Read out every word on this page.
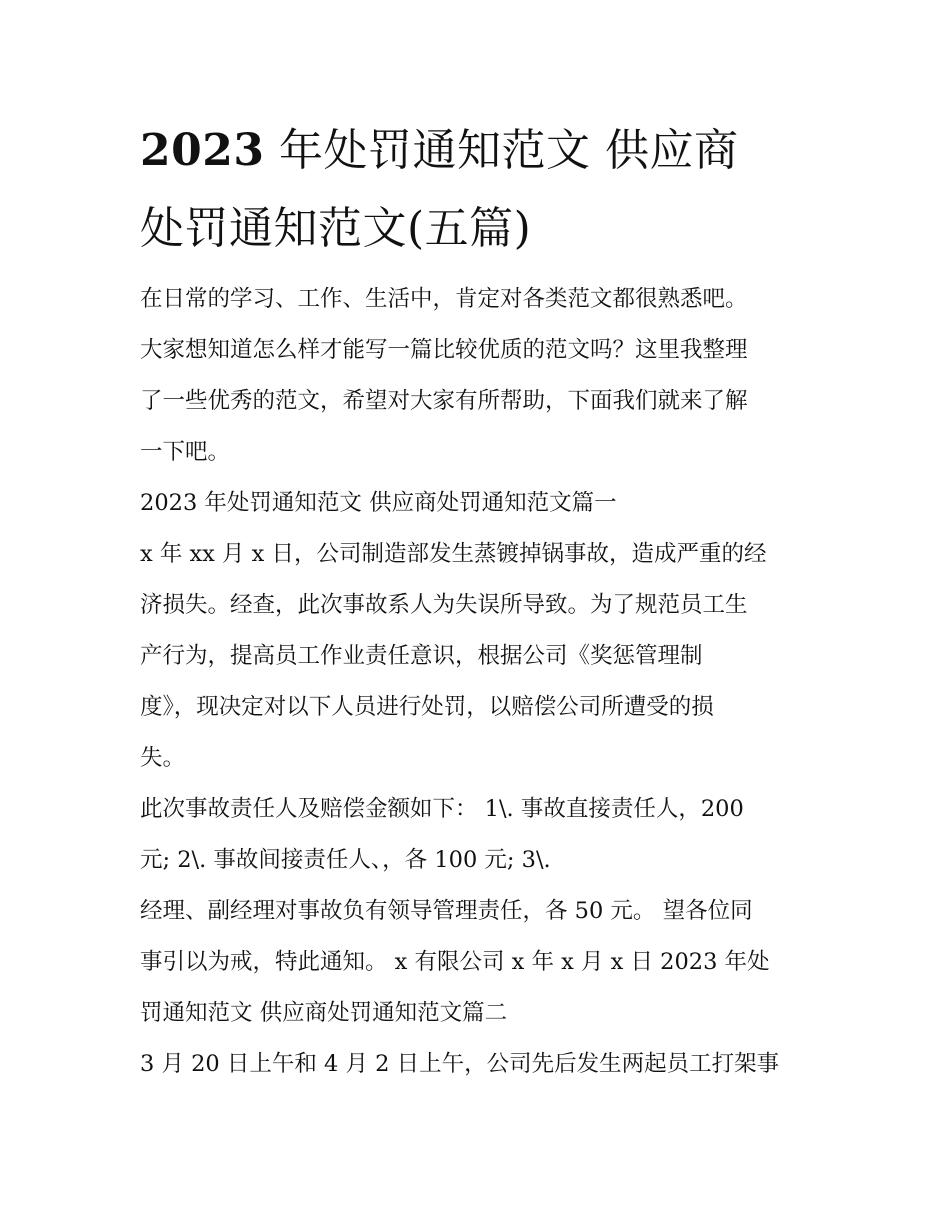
2023 年处罚通知范文 供应商
处罚通知范文(五篇)
在日常的学习、工作、生活中，肯定对各类范文都很熟悉吧。
大家想知道怎么样才能写一篇比较优质的范文吗？这里我整理
了一些优秀的范文，希望对大家有所帮助，下面我们就来了解
一下吧。
2023 年处罚通知范文 供应商处罚通知范文篇一
x 年 xx 月 x 日，公司制造部发生蒸镀掉锅事故，造成严重的经
济损失。经查，此次事故系人为失误所导致。为了规范员工生
产行为，提高员工作业责任意识，根据公司《奖惩管理制
度》，现决定对以下人员进行处罚，以赔偿公司所遭受的损
失。
此次事故责任人及赔偿金额如下： 1\. 事故直接责任人，200
元; 2\. 事故间接责任人、，各 100 元; 3\.
经理、副经理对事故负有领导管理责任，各 50 元。 望各位同
事引以为戒，特此通知。 x 有限公司 x 年 x 月 x 日 2023 年处
罚通知范文 供应商处罚通知范文篇二
3 月 20 日上午和 4 月 2 日上午，公司先后发生两起员工打架事
